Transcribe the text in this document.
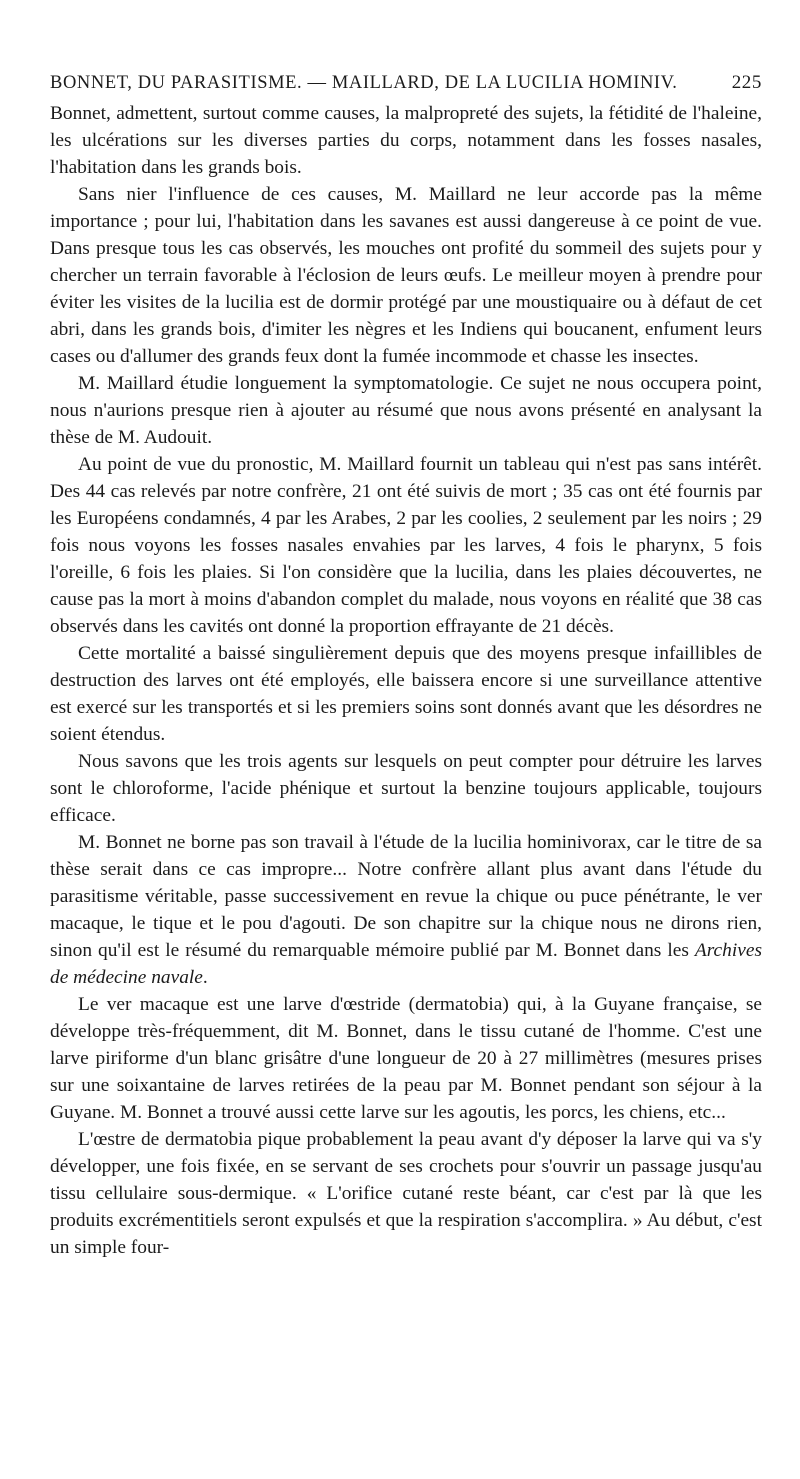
BONNET, DU PARASITISME. — MAILLARD, DE LA LUCILIA HOMINIV.	225

Bonnet, admettent, surtout comme causes, la malpropreté des sujets, la fétidité de l'haleine, les ulcérations sur les diverses parties du corps, notamment dans les fosses nasales, l'habitation dans les grands bois.

Sans nier l'influence de ces causes, M. Maillard ne leur accorde pas la même importance ; pour lui, l'habitation dans les savanes est aussi dangereuse à ce point de vue. Dans presque tous les cas observés, les mouches ont profité du sommeil des sujets pour y chercher un terrain favorable à l'éclosion de leurs œufs. Le meilleur moyen à prendre pour éviter les visites de la lucilia est de dormir protégé par une moustiquaire ou à défaut de cet abri, dans les grands bois, d'imiter les nègres et les Indiens qui boucanent, enfument leurs cases ou d'allumer des grands feux dont la fumée incommode et chasse les insectes.

M. Maillard étudie longuement la symptomatologie. Ce sujet ne nous occupera point, nous n'aurions presque rien à ajouter au résumé que nous avons présenté en analysant la thèse de M. Audouit.

Au point de vue du pronostic, M. Maillard fournit un tableau qui n'est pas sans intérêt. Des 44 cas relevés par notre confrère, 21 ont été suivis de mort ; 35 cas ont été fournis par les Européens condamnés, 4 par les Arabes, 2 par les coolies, 2 seulement par les noirs ; 29 fois nous voyons les fosses nasales envahies par les larves, 4 fois le pharynx, 5 fois l'oreille, 6 fois les plaies. Si l'on considère que la lucilia, dans les plaies découvertes, ne cause pas la mort à moins d'abandon complet du malade, nous voyons en réalité que 38 cas observés dans les cavités ont donné la proportion effrayante de 21 décès.

Cette mortalité a baissé singulièrement depuis que des moyens presque infaillibles de destruction des larves ont été employés, elle baissera encore si une surveillance attentive est exercé sur les transportés et si les premiers soins sont donnés avant que les désordres ne soient étendus.

Nous savons que les trois agents sur lesquels on peut compter pour détruire les larves sont le chloroforme, l'acide phénique et surtout la benzine toujours applicable, toujours efficace.

M. Bonnet ne borne pas son travail à l'étude de la lucilia hominivorax, car le titre de sa thèse serait dans ce cas impropre... Notre confrère allant plus avant dans l'étude du parasitisme véritable, passe successivement en revue la chique ou puce pénétrante, le ver macaque, le tique et le pou d'agouti. De son chapitre sur la chique nous ne dirons rien, sinon qu'il est le résumé du remarquable mémoire publié par M. Bonnet dans les Archives de médecine navale.

Le ver macaque est une larve d'œstride (dermatobia) qui, à la Guyane française, se développe très-fréquemment, dit M. Bonnet, dans le tissu cutané de l'homme. C'est une larve piriforme d'un blanc grisâtre d'une longueur de 20 à 27 millimètres (mesures prises sur une soixantaine de larves retirées de la peau par M. Bonnet pendant son séjour à la Guyane. M. Bonnet a trouvé aussi cette larve sur les agoutis, les porcs, les chiens, etc...

L'œstre de dermatobia pique probablement la peau avant d'y déposer la larve qui va s'y développer, une fois fixée, en se servant de ses crochets pour s'ouvrir un passage jusqu'au tissu cellulaire sous-dermique. « L'orifice cutané reste béant, car c'est par là que les produits excrémentitiels seront expulsés et que la respiration s'accomplira. » Au début, c'est un simple four-
